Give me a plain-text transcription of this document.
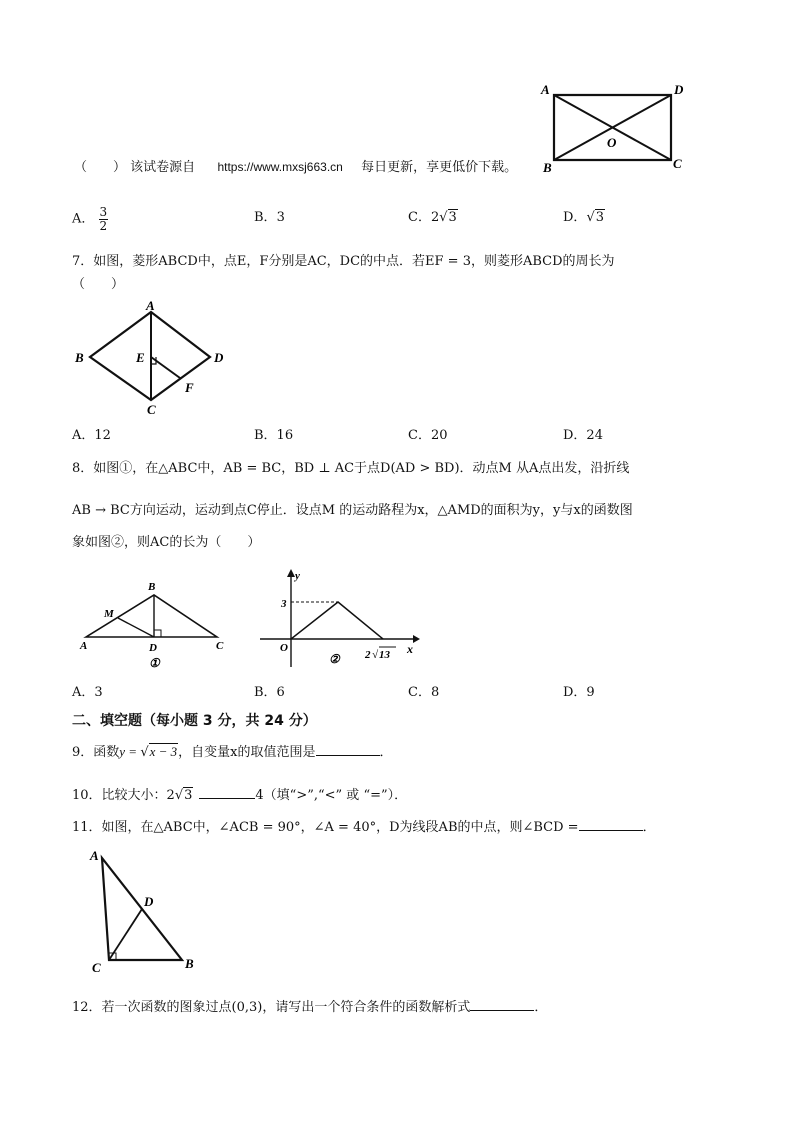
A	D
B	C
O
（　　） 该试卷源自 https://www.mxsj663.cn 每日更新，享更低价下载。
A． $\frac{3}{2}$	B．3	C．2√3	D．√3
7．如图，菱形ABCD中，点E，F分别是AC，DC的中点．若EF = 3，则菱形ABCD的周长为
（　　）
A
B	D
C
E
F
A．12	B．16	C．20	D．24
8．如图①，在△ABC中，AB = BC，BD ⊥ AC于点D(AD > BD)．动点M 从A点出发，沿折线
AB → BC方向运动，运动到点C停止．设点M 的运动路程为x，△AMD的面积为y，y与x的函数图
象如图②，则AC的长为（　　）
B
M
A	D	C
①
y
3
O	x
2 √ 13
②
A．3	B．6	C．8	D．9
二、填空题（每小题 3 分，共 24 分）
9．函数y = √x − 3，自变量x的取值范围是	．
10．比较大小：2√3	4（填“>”,“<” 或 “=”）．
11．如图，在△ABC中，∠ACB = 90°，∠A = 40°，D为线段AB的中点，则∠BCD =	．
A
D
C	B
12．若一次函数的图象过点(0,3)，请写出一个符合条件的函数解析式	．
